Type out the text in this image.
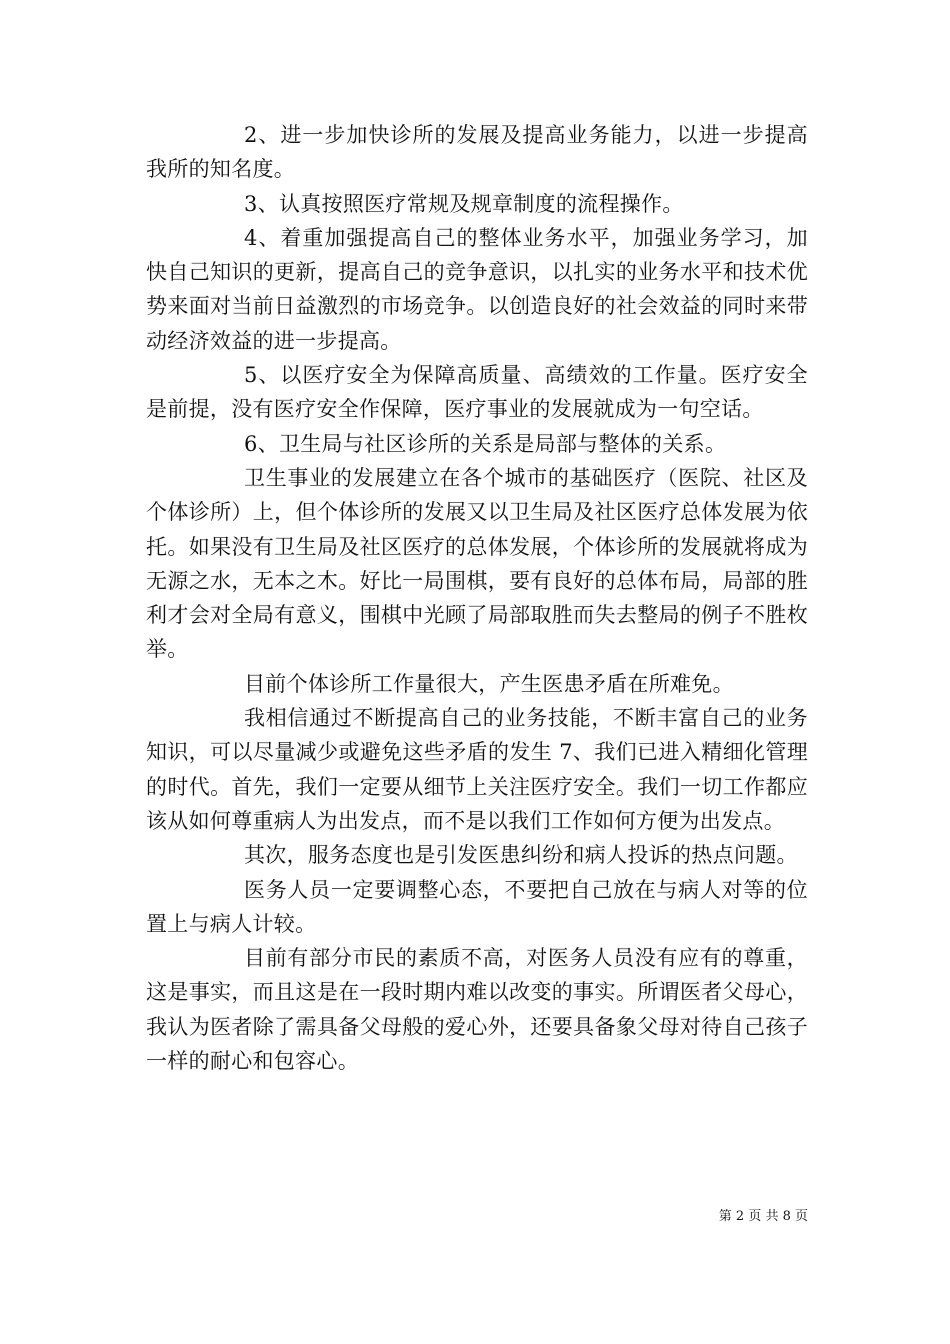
2、进一步加快诊所的发展及提高业务能力，以进一步提高我所的知名度。

3、认真按照医疗常规及规章制度的流程操作。

4、着重加强提高自己的整体业务水平，加强业务学习，加快自己知识的更新，提高自己的竞争意识，以扎实的业务水平和技术优势来面对当前日益激烈的市场竞争。以创造良好的社会效益的同时来带动经济效益的进一步提高。

5、以医疗安全为保障高质量、高绩效的工作量。医疗安全是前提，没有医疗安全作保障，医疗事业的发展就成为一句空话。

6、卫生局与社区诊所的关系是局部与整体的关系。

卫生事业的发展建立在各个城市的基础医疗（医院、社区及个体诊所）上，但个体诊所的发展又以卫生局及社区医疗总体发展为依托。如果没有卫生局及社区医疗的总体发展，个体诊所的发展就将成为无源之水，无本之木。好比一局围棋，要有良好的总体布局，局部的胜利才会对全局有意义，围棋中光顾了局部取胜而失去整局的例子不胜枚举。

目前个体诊所工作量很大，产生医患矛盾在所难免。

我相信通过不断提高自己的业务技能，不断丰富自己的业务知识，可以尽量减少或避免这些矛盾的发生 7、我们已进入精细化管理的时代。首先，我们一定要从细节上关注医疗安全。我们一切工作都应该从如何尊重病人为出发点，而不是以我们工作如何方便为出发点。

其次，服务态度也是引发医患纠纷和病人投诉的热点问题。

医务人员一定要调整心态，不要把自己放在与病人对等的位置上与病人计较。

目前有部分市民的素质不高，对医务人员没有应有的尊重，这是事实，而且这是在一段时期内难以改变的事实。所谓医者父母心，我认为医者除了需具备父母般的爱心外，还要具备象父母对待自己孩子一样的耐心和包容心。

第 2 页 共 8 页
